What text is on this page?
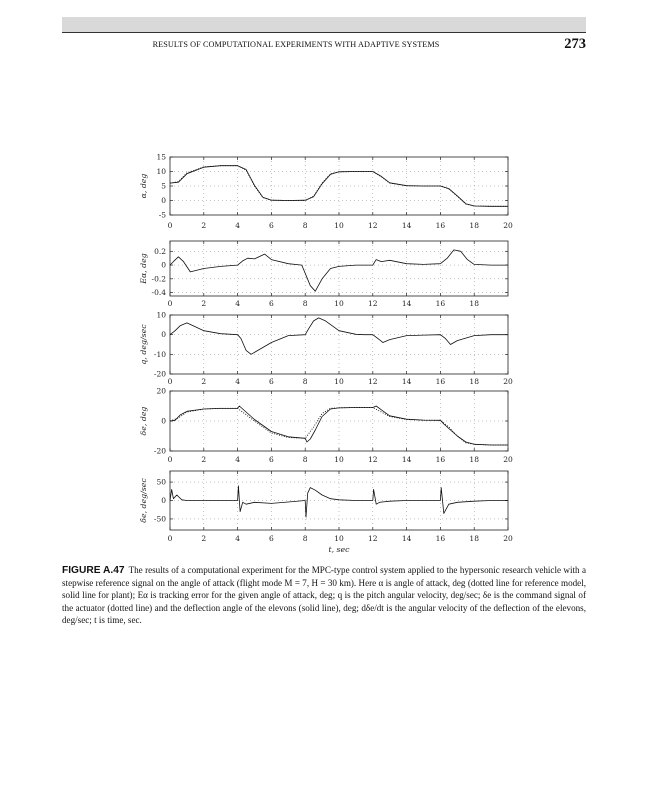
RESULTS OF COMPUTATIONAL EXPERIMENTS WITH ADAPTIVE SYSTEMS	273
0	2	4	6	8	10	12	14	16	18	20
15
10
5
0
-5
α, deg
0	2	4	6	8	10	12	14	16	18
0.2
0
-0.2
-0.4
Eα, deg
0	2	4	6	8	10	12	14	16	18	20
10
0
-10
-20
q, deg/sec
0	2	4	6	8	10	12	14	16	18	20
20
0
-20
δe, deg
0	2	4	6	8	10	12	14	16	18	20
50
0
-50
δ̇e, deg/sec
t, sec
FIGURE A.47 The results of a computational experiment for the MPC-type control system applied to the hypersonic research vehicle with a stepwise reference signal on the angle of attack (flight mode M = 7, H = 30 km). Here α is angle of attack, deg (dotted line for reference model, solid line for plant); Eα is tracking error for the given angle of attack, deg; q is the pitch angular velocity, deg/sec; δe is the command signal of the actuator (dotted line) and the deflection angle of the elevons (solid line), deg; dδe/dt is the angular velocity of the deflection of the elevons, deg/sec; t is time, sec.
